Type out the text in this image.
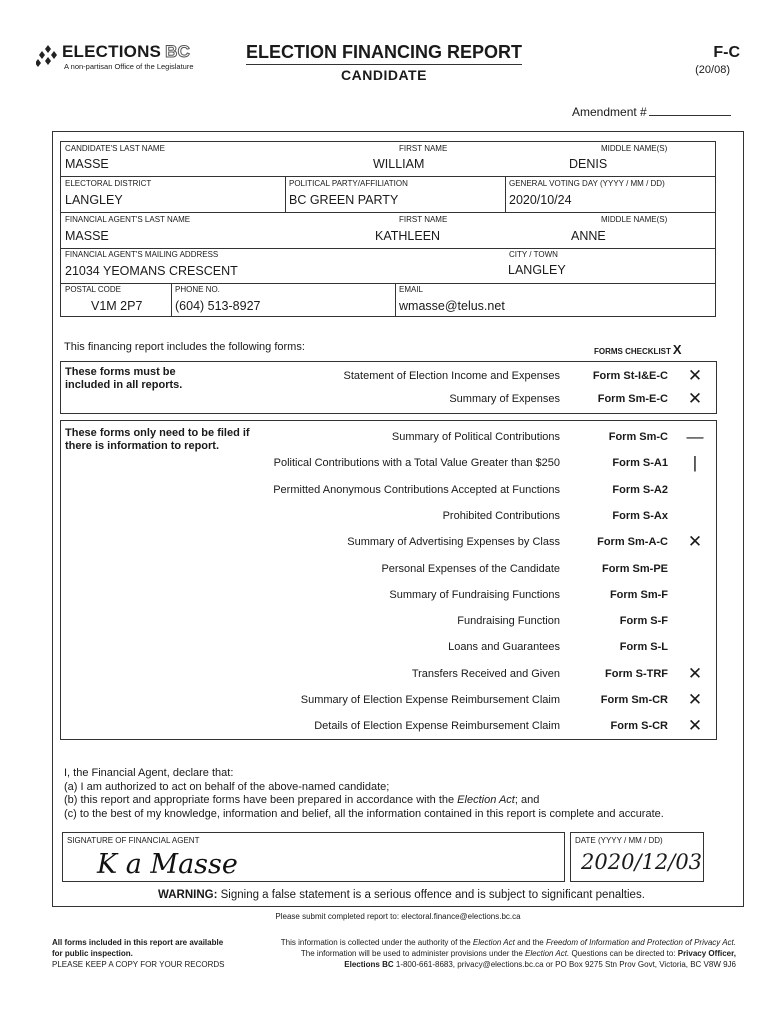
ELECTIONS BC
A non-partisan Office of the Legislature
ELECTION FINANCING REPORT
CANDIDATE
F-C
(20/08)
Amendment #
CANDIDATE'S LAST NAME
MASSE
FIRST NAME
WILLIAM
MIDDLE NAME(S)
DENIS
ELECTORAL DISTRICT
LANGLEY
POLITICAL PARTY/AFFILIATION
BC GREEN PARTY
GENERAL VOTING DAY (YYYY / MM / DD)
2020/10/24
FINANCIAL AGENT'S LAST NAME
MASSE
FIRST NAME
KATHLEEN
MIDDLE NAME(S)
ANNE
FINANCIAL AGENT'S MAILING ADDRESS
21034 YEOMANS CRESCENT
CITY / TOWN
LANGLEY
POSTAL CODE
V1M 2P7
PHONE NO.
(604) 513-8927
EMAIL
wmasse@telus.net
This financing report includes the following forms:	FORMS CHECKLIST X
These forms must be included in all reports.
Statement of Election Income and Expenses	Form St-I&E-C ✕
Summary of Expenses	Form Sm-E-C ✕
These forms only need to be filed if there is information to report.
Summary of Political Contributions	Form Sm-C —
Political Contributions with a Total Value Greater than $250	Form S-A1	|
Permitted Anonymous Contributions Accepted at Functions	Form S-A2
Prohibited Contributions	Form S-Ax
Summary of Advertising Expenses by Class	Form Sm-A-C ✕
Personal Expenses of the Candidate	Form Sm-PE
Summary of Fundraising Functions	Form Sm-F
Fundraising Function	Form S-F
Loans and Guarantees	Form S-L
Transfers Received and Given	Form S-TRF ✕
Summary of Election Expense Reimbursement Claim	Form Sm-CR ✕
Details of Election Expense Reimbursement Claim	Form S-CR ✕
I, the Financial Agent, declare that:
(a) I am authorized to act on behalf of the above-named candidate;
(b) this report and appropriate forms have been prepared in accordance with the Election Act; and
(c) to the best of my knowledge, information and belief, all the information contained in this report is complete and accurate.
SIGNATURE OF FINANCIAL AGENT
K a Masse
DATE (YYYY / MM / DD)
2020/12/03
WARNING: Signing a false statement is a serious offence and is subject to significant penalties.
Please submit completed report to: electoral.finance@elections.bc.ca
All forms included in this report are available
for public inspection.
PLEASE KEEP A COPY FOR YOUR RECORDS
This information is collected under the authority of the Election Act and the Freedom of Information and Protection of Privacy Act.
The information will be used to administer provisions under the Election Act. Questions can be directed to: Privacy Officer,
Elections BC 1-800-661-8683, privacy@elections.bc.ca or PO Box 9275 Stn Prov Govt, Victoria, BC V8W 9J6
